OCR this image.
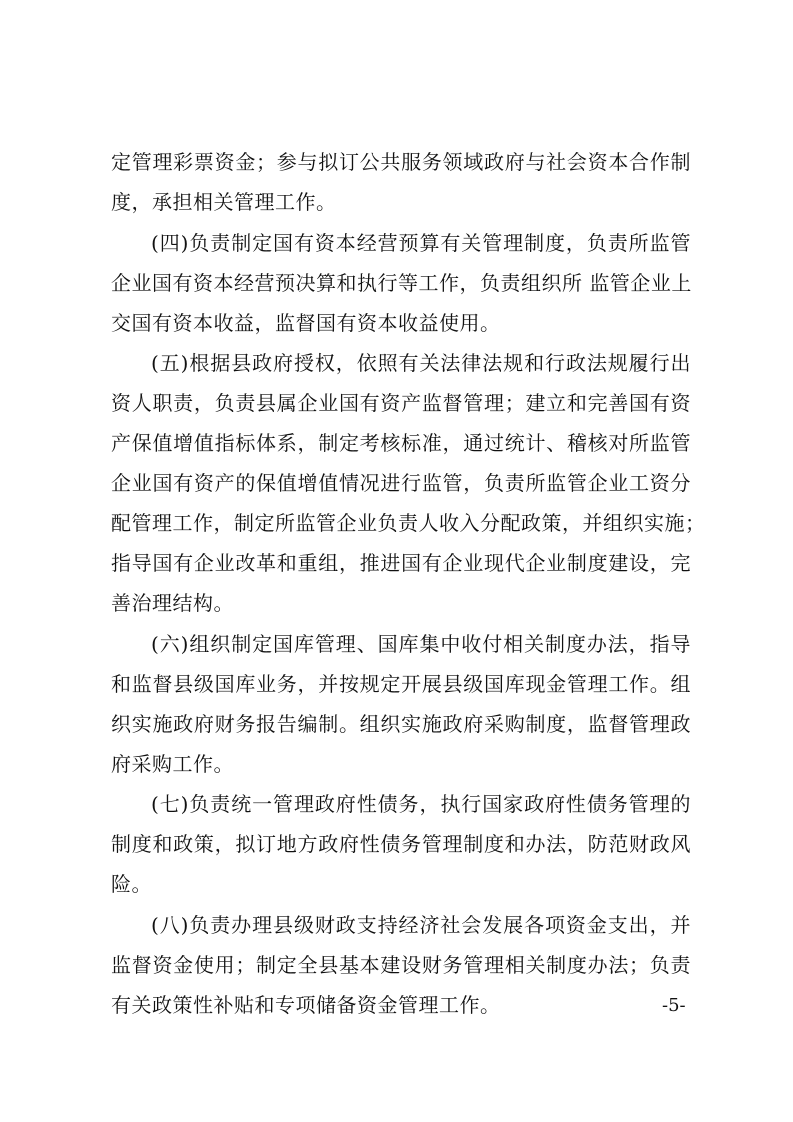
定管理彩票资金；参与拟订公共服务领域政府与社会资本合作制
度，承担相关管理工作。
(四)负责制定国有资本经营预算有关管理制度，负责所监管
企业国有资本经营预决算和执行等工作，负责组织所 监管企业上
交国有资本收益，监督国有资本收益使用。
(五)根据县政府授权，依照有关法律法规和行政法规履行出
资人职责，负责县属企业国有资产监督管理；建立和完善国有资
产保值增值指标体系，制定考核标准，通过统计、稽核对所监管
企业国有资产的保值增值情况进行监管，负责所监管企业工资分
配管理工作，制定所监管企业负责人收入分配政策，并组织实施；
指导国有企业改革和重组，推进国有企业现代企业制度建设，完
善治理结构。
(六)组织制定国库管理、国库集中收付相关制度办法，指导
和监督县级国库业务，并按规定开展县级国库现金管理工作。组
织实施政府财务报告编制。组织实施政府采购制度，监督管理政
府采购工作。
(七)负责统一管理政府性债务，执行国家政府性债务管理的
制度和政策，拟订地方政府性债务管理制度和办法，防范财政风
险。
(八)负责办理县级财政支持经济社会发展各项资金支出，并
监督资金使用；制定全县基本建设财务管理相关制度办法；负责
有关政策性补贴和专项储备资金管理工作。	-5-
